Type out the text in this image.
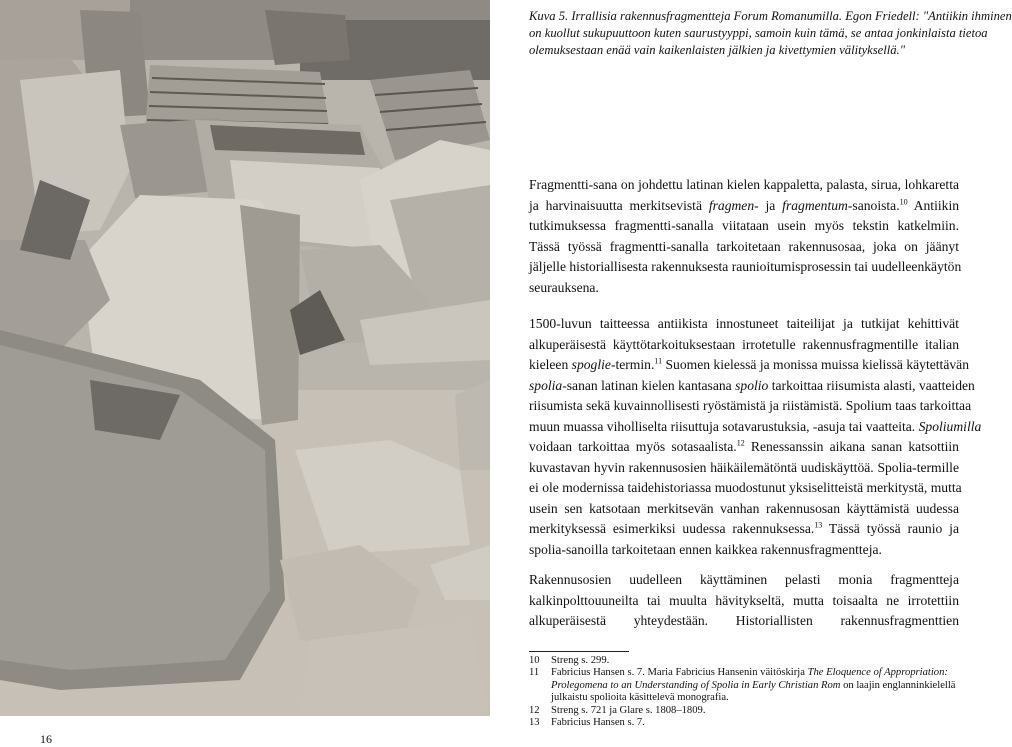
Kuva 5. Irrallisia rakennusfragmentteja Forum Romanumilla. Egon Friedell: "Antiikin ihminen
on kuollut sukupuuttoon kuten saurustyyppi, samoin kuin tämä, se antaa jonkinlaista tietoa
olemuksestaan enää vain kaikenlaisten jälkien ja kivettymien välityksellä."
Fragmentti-sana on johdettu latinan kielen kappaletta, palasta, sirua, lohkaretta
ja harvinaisuutta merkitsevistä fragmen- ja fragmentum-sanoista.$^{10}$ Antiikin
tutkimuksessa fragmentti-sanalla viitataan usein myös tekstin katkelmiin.
Tässä työssä fragmentti-sanalla tarkoitetaan rakennusosaa, joka on jäänyt
jäljelle historiallisesta rakennuksesta raunioitumisprosessin tai uudelleenkäytön
seurauksena.
1500-luvun taitteessa antiikista innostuneet taiteilijat ja tutkijat kehittivät
alkuperäisestä käyttötarkoituksestaan irrotetulle rakennusfragmentille italian
kieleen spoglie-termin.$^{11}$ Suomen kielessä ja monissa muissa kielissä käytettävän
spolia-sanan latinan kielen kantasana spolio tarkoittaa riisumista alasti, vaatteiden
riisumista sekä kuvainnollisesti ryöstämistä ja riistämistä. Spolium taas tarkoittaa
muun muassa viholliselta riisuttuja sotavarustuksia, -asuja tai vaatteita. Spoliumilla
voidaan tarkoittaa myös sotasaalista.$^{12}$ Renessanssin aikana sanan katsottiin
kuvastavan hyvin rakennusosien häikäilemätöntä uudiskäyttöä. Spolia-termille
ei ole modernissa taidehistoriassa muodostunut yksiselitteistä merkitystä, mutta
usein sen katsotaan merkitsevän vanhan rakennusosan käyttämistä uudessa
merkityksessä esimerkiksi uudessa rakennuksessa.$^{13}$ Tässä työssä raunio ja
spolia-sanoilla tarkoitetaan ennen kaikkea rakennusfragmentteja.
Rakennusosien uudelleen käyttäminen pelasti monia fragmentteja
kalkinpolttouuneilta tai muulta hävitykseltä, mutta toisaalta ne irrotettiin
alkuperäisestä yhteydestään. Historiallisten rakennusfragmenttien
10 Streng s. 299.
11 Fabricius Hansen s. 7. Maria Fabricius Hansenin väitöskirja The Eloquence of Appropriation:
Prolegomena to an Understanding of Spolia in Early Christian Rom on laajin englanninkielellä
julkaistu spolioita käsittelevä monografia.
12 Streng s. 721 ja Glare s. 1808–1809.
13 Fabricius Hansen s. 7.
16
